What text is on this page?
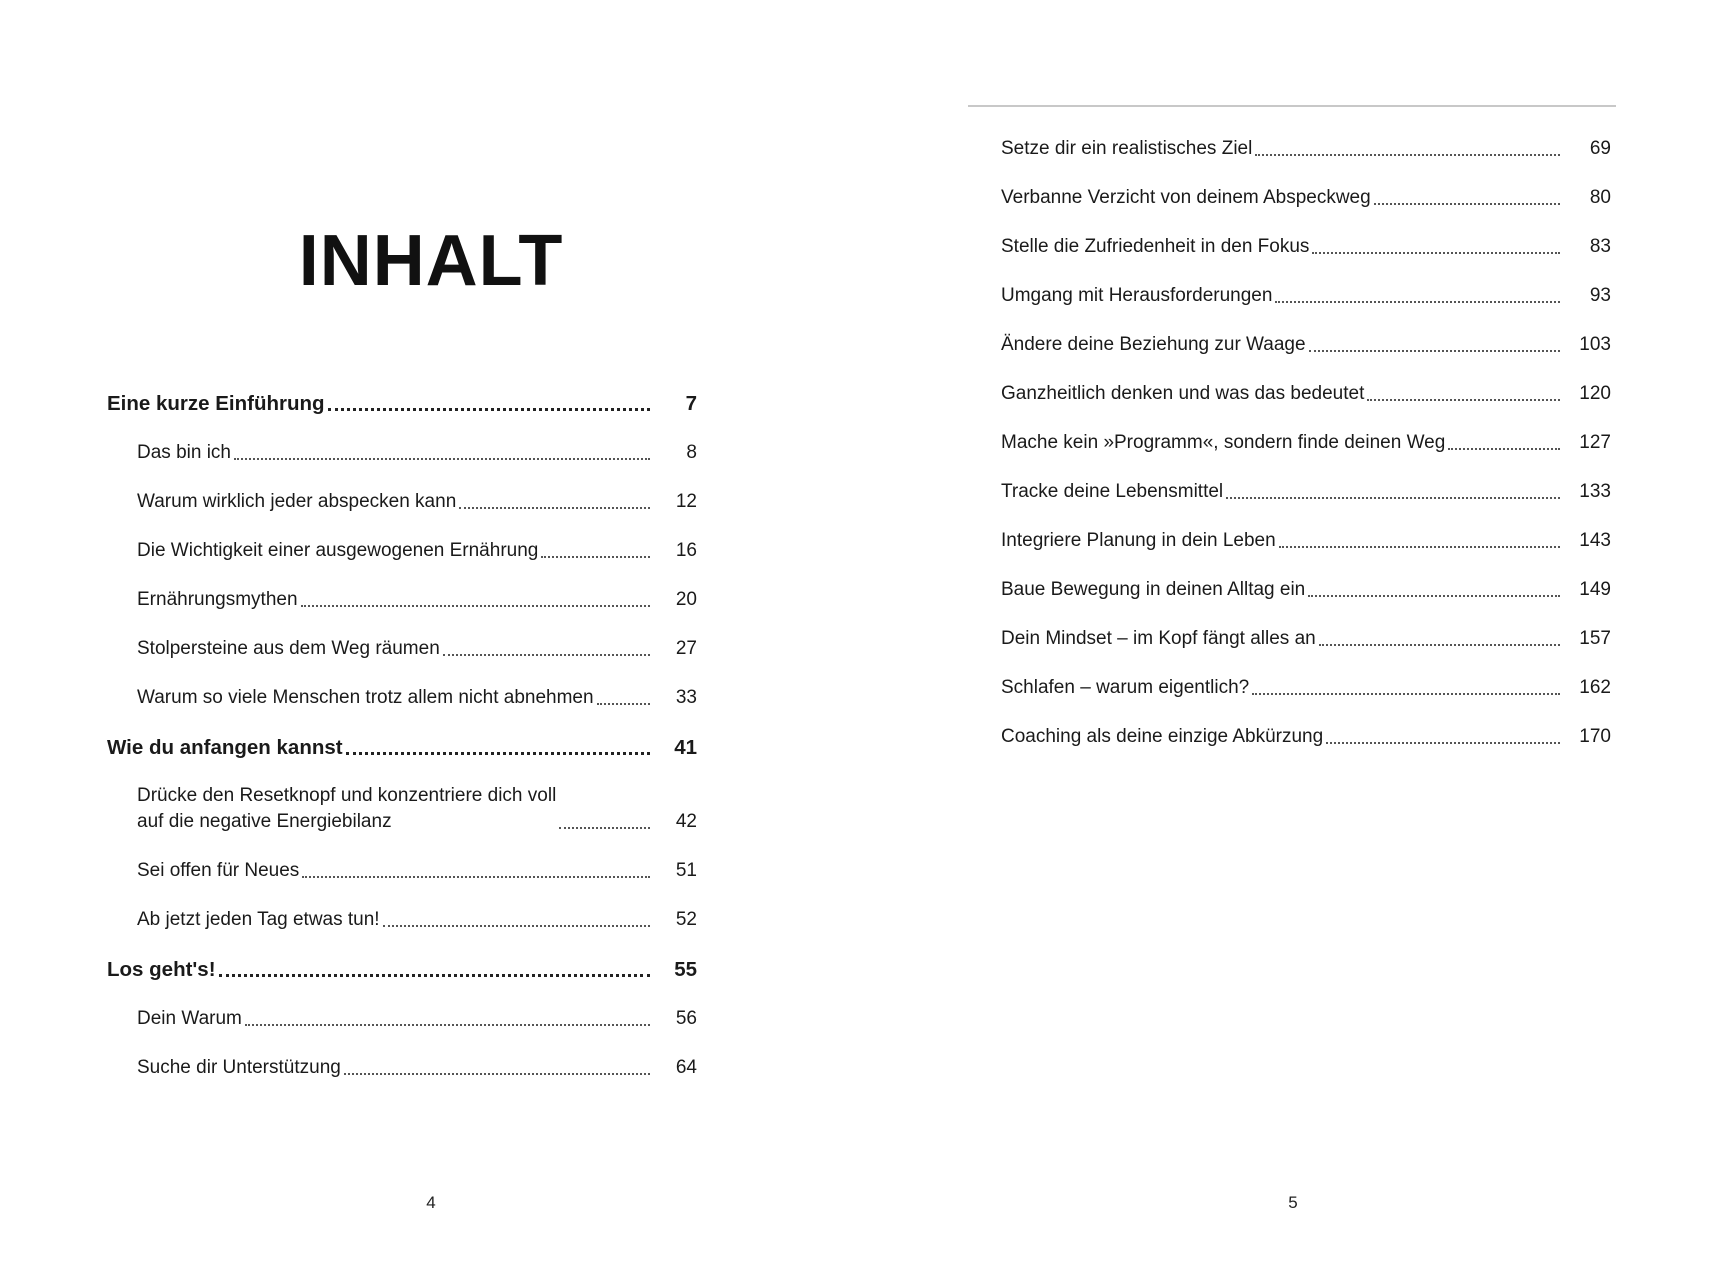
INHALT
Eine kurze Einführung	7
Das bin ich	8
Warum wirklich jeder abspecken kann	12
Die Wichtigkeit einer ausgewogenen Ernährung	16
Ernährungsmythen	20
Stolpersteine aus dem Weg räumen	27
Warum so viele Menschen trotz allem nicht abnehmen	33
Wie du anfangen kannst	41
Drücke den Resetknopf und konzentriere dich voll
auf die negative Energiebilanz	42
Sei offen für Neues	51
Ab jetzt jeden Tag etwas tun!	52
Los geht's!	55
Dein Warum	56
Suche dir Unterstützung	64
4
Setze dir ein realistisches Ziel	69
Verbanne Verzicht von deinem Abspeckweg	80
Stelle die Zufriedenheit in den Fokus	83
Umgang mit Herausforderungen	93
Ändere deine Beziehung zur Waage	103
Ganzheitlich denken und was das bedeutet	120
Mache kein »Programm«, sondern finde deinen Weg	127
Tracke deine Lebensmittel	133
Integriere Planung in dein Leben	143
Baue Bewegung in deinen Alltag ein	149
Dein Mindset – im Kopf fängt alles an	157
Schlafen – warum eigentlich?	162
Coaching als deine einzige Abkürzung	170
5
